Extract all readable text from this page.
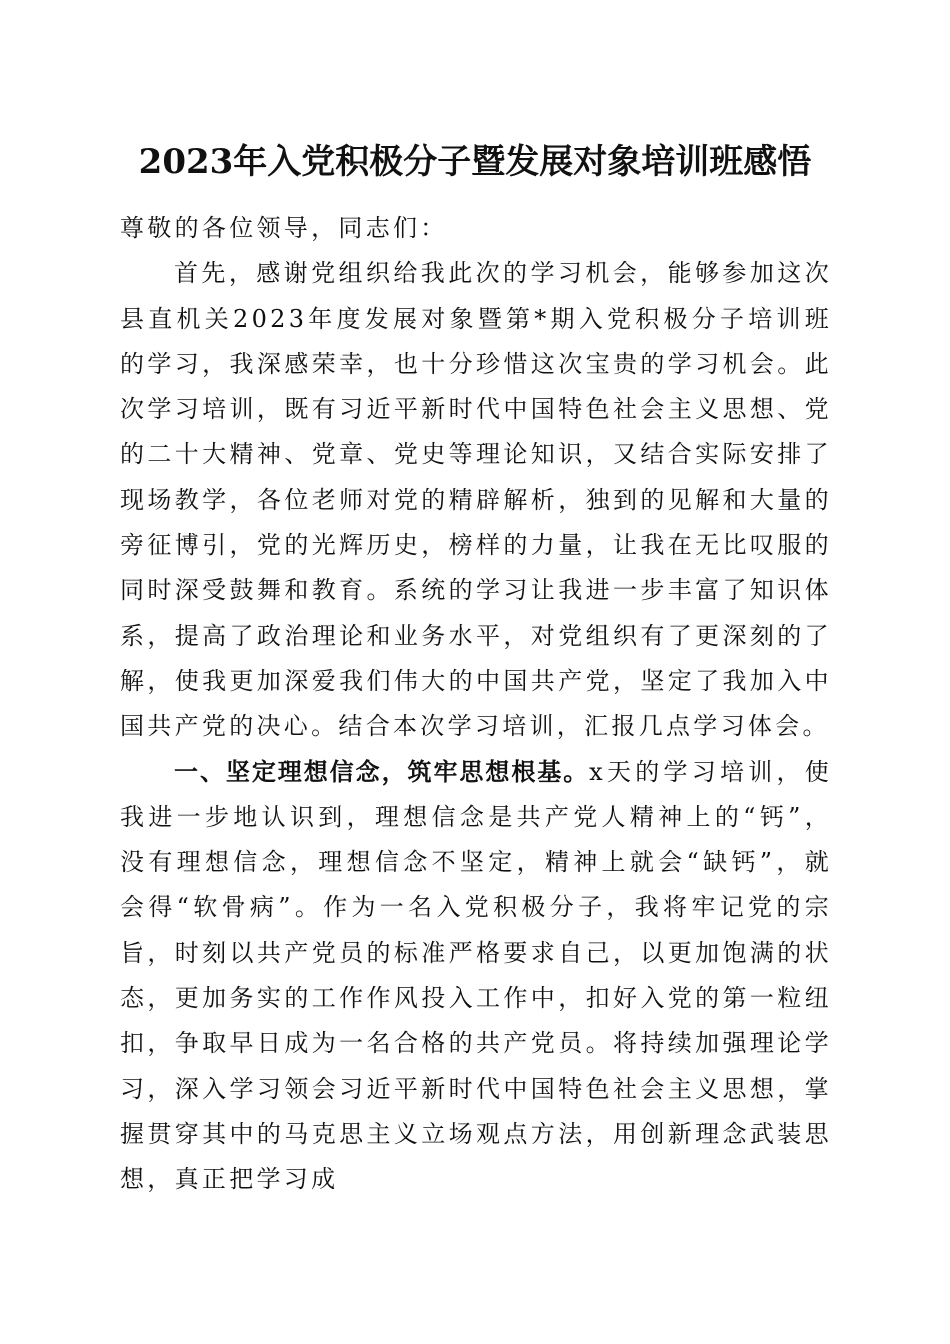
2023年入党积极分子暨发展对象培训班感悟

尊敬的各位领导，同志们：

首先，感谢党组织给我此次的学习机会，能够参加这次县直机关2023年度发展对象暨第*期入党积极分子培训班的学习，我深感荣幸，也十分珍惜这次宝贵的学习机会。此次学习培训，既有习近平新时代中国特色社会主义思想、党的二十大精神、党章、党史等理论知识，又结合实际安排了现场教学，各位老师对党的精辟解析，独到的见解和大量的旁征博引，党的光辉历史，榜样的力量，让我在无比叹服的同时深受鼓舞和教育。系统的学习让我进一步丰富了知识体系，提高了政治理论和业务水平，对党组织有了更深刻的了解，使我更加深爱我们伟大的中国共产党，坚定了我加入中国共产党的决心。结合本次学习培训，汇报几点学习体会。

一、坚定理想信念，筑牢思想根基。x天的学习培训，使我进一步地认识到，理想信念是共产党人精神上的“钙”，没有理想信念，理想信念不坚定，精神上就会“缺钙”，就会得“软骨病”。作为一名入党积极分子，我将牢记党的宗旨，时刻以共产党员的标准严格要求自己，以更加饱满的状态，更加务实的工作作风投入工作中，扣好入党的第一粒纽扣，争取早日成为一名合格的共产党员。将持续加强理论学习，深入学习领会习近平新时代中国特色社会主义思想，掌握贯穿其中的马克思主义立场观点方法，用创新理念武装思想，真正把学习成
